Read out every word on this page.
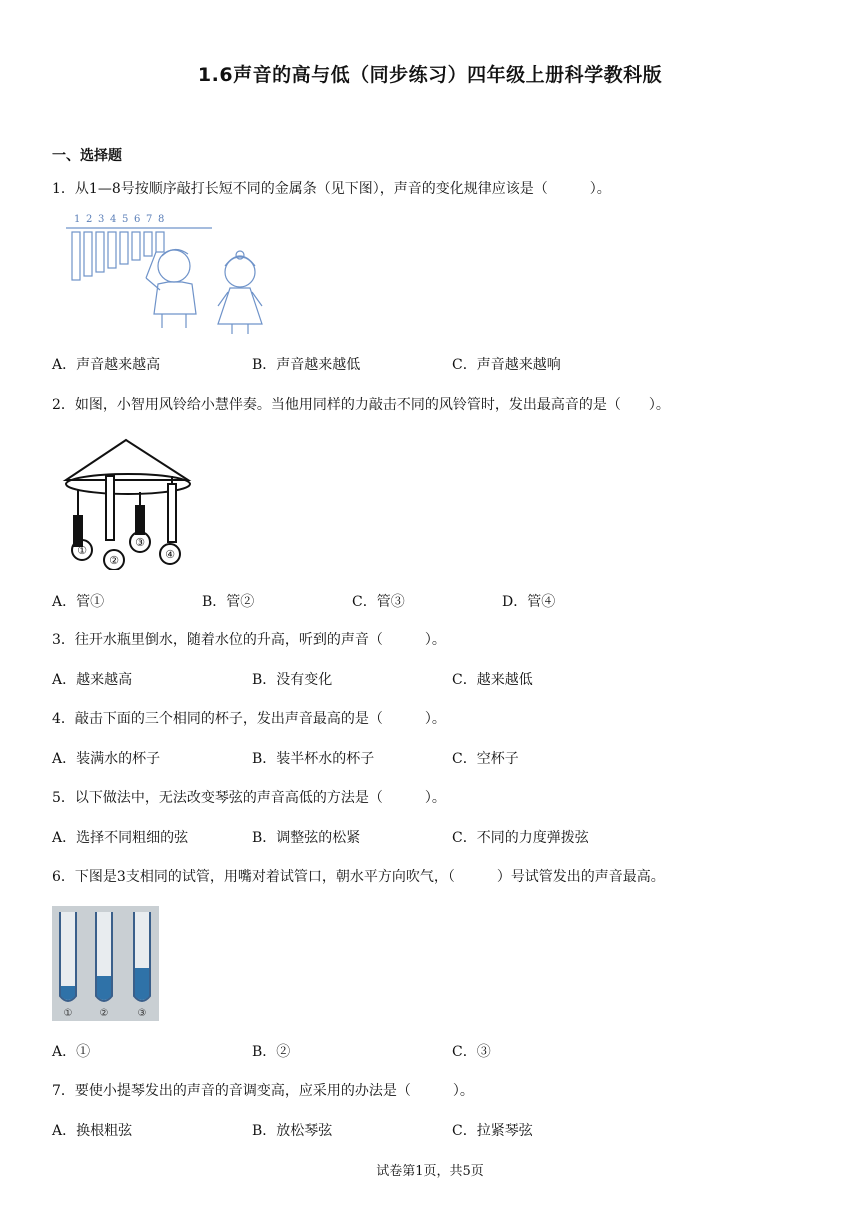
1.6声音的高与低（同步练习）四年级上册科学教科版
一、选择题
1．从1—8号按顺序敲打长短不同的金属条（见下图），声音的变化规律应该是（　　　）。
1 2 3 4 5 6 7 8
A．声音越来越高	B．声音越来越低	C．声音越来越响
2．如图，小智用风铃给小慧伴奏。当他用同样的力敲击不同的风铃管时，发出最高音的是（　　）。
①
②
③
④
A．管①	B．管②	C．管③	D．管④
3．往开水瓶里倒水，随着水位的升高，听到的声音（　　　）。
A．越来越高	B．没有变化	C．越来越低
4．敲击下面的三个相同的杯子，发出声音最高的是（　　　）。
A．装满水的杯子	B．装半杯水的杯子	C．空杯子
5．以下做法中，无法改变琴弦的声音高低的方法是（　　　）。
A．选择不同粗细的弦	B．调整弦的松紧	C．不同的力度弹拨弦
6．下图是3支相同的试管，用嘴对着试管口，朝水平方向吹气，（　　　）号试管发出的声音最高。
①	②	③
A．①	B．②	C．③
7．要使小提琴发出的声音的音调变高，应采用的办法是（　　　）。
A．换根粗弦	B．放松琴弦	C．拉紧琴弦
试卷第1页，共5页
